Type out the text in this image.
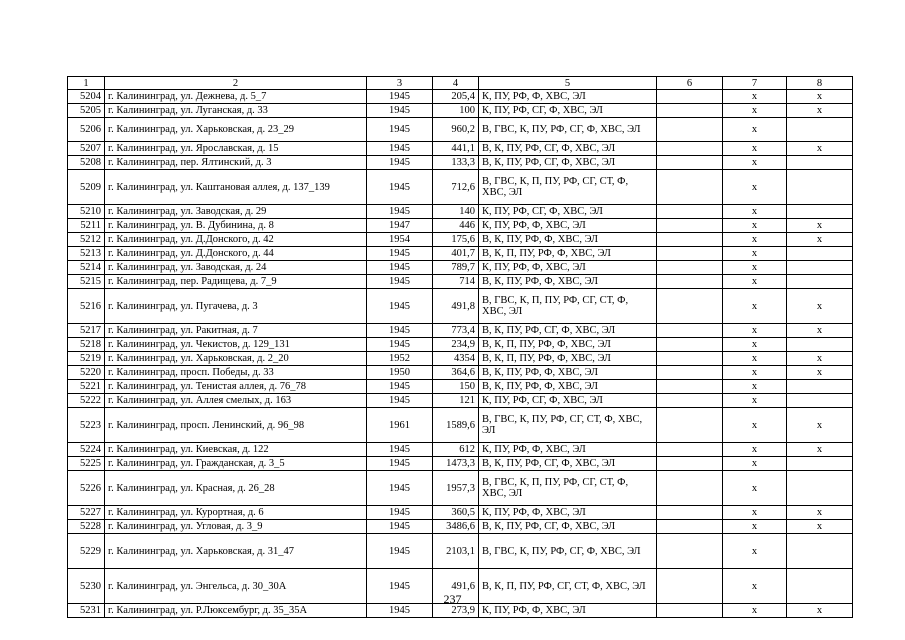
1	2	3	4	5	6	7	8
5204	г. Калининград, ул. Дежнева, д. 5_7	1945	205,4	К, ПУ, РФ, Ф, ХВС, ЭЛ		х	х
5205	г. Калининград, ул. Луганская, д. 33	1945	100	К, ПУ, РФ, СГ, Ф, ХВС, ЭЛ		х	х
5206	г. Калининград, ул. Харьковская, д. 23_29	1945	960,2	В, ГВС, К, ПУ, РФ, СГ, Ф, ХВС, ЭЛ		х	
5207	г. Калининград, ул. Ярославская, д. 15	1945	441,1	В, К, ПУ, РФ, СГ, Ф, ХВС, ЭЛ		х	х
5208	г. Калининград, пер. Ялтинский, д. 3	1945	133,3	В, К, ПУ, РФ, СГ, Ф, ХВС, ЭЛ		х	
5209	г. Калининград, ул. Каштановая аллея, д. 137_139	1945	712,6	В, ГВС, К, П, ПУ, РФ, СГ, СТ, Ф, ХВС, ЭЛ		х	
5210	г. Калининград, ул. Заводская, д. 29	1945	140	К, ПУ, РФ, СГ, Ф, ХВС, ЭЛ		х	
5211	г. Калининград, ул. В. Дубинина, д. 8	1947	446	К, ПУ, РФ, Ф, ХВС, ЭЛ		х	х
5212	г. Калининград, ул. Д.Донского, д. 42	1954	175,6	В, К, ПУ, РФ, Ф, ХВС, ЭЛ		х	х
5213	г. Калининград, ул. Д.Донского, д. 44	1945	401,7	В, К, П, ПУ, РФ, Ф, ХВС, ЭЛ		х	
5214	г. Калининград, ул. Заводская, д. 24	1945	789,7	К, ПУ, РФ, Ф, ХВС, ЭЛ		х	
5215	г. Калининград, пер. Радищева, д. 7_9	1945	714	В, К, ПУ, РФ, Ф, ХВС, ЭЛ		х	
5216	г. Калининград, ул. Пугачева, д. 3	1945	491,8	В, ГВС, К, П, ПУ, РФ, СГ, СТ, Ф, ХВС, ЭЛ		х	х
5217	г. Калининград, ул. Ракитная, д. 7	1945	773,4	В, К, ПУ, РФ, СГ, Ф, ХВС, ЭЛ		х	х
5218	г. Калининград, ул. Чекистов, д. 129_131	1945	234,9	В, К, П, ПУ, РФ, Ф, ХВС, ЭЛ		х	
5219	г. Калининград, ул. Харьковская, д. 2_20	1952	4354	В, К, П, ПУ, РФ, Ф, ХВС, ЭЛ		х	х
5220	г. Калининград, просп. Победы, д. 33	1950	364,6	В, К, ПУ, РФ, Ф, ХВС, ЭЛ		х	х
5221	г. Калининград, ул. Тенистая аллея, д. 76_78	1945	150	В, К, ПУ, РФ, Ф, ХВС, ЭЛ		х	
5222	г. Калининград, ул. Аллея смелых, д. 163	1945	121	К, ПУ, РФ, СГ, Ф, ХВС, ЭЛ		х	
5223	г. Калининград, просп. Ленинский, д. 96_98	1961	1589,6	В, ГВС, К, ПУ, РФ, СГ, СТ, Ф, ХВС, ЭЛ		х	х
5224	г. Калининград, ул. Киевская, д. 122	1945	612	К, ПУ, РФ, Ф, ХВС, ЭЛ		х	х
5225	г. Калининград, ул. Гражданская, д. 3_5	1945	1473,3	В, К, ПУ, РФ, СГ, Ф, ХВС, ЭЛ		х	
5226	г. Калининград, ул. Красная, д. 26_28	1945	1957,3	В, ГВС, К, П, ПУ, РФ, СГ, СТ, Ф, ХВС, ЭЛ		х	
5227	г. Калининград, ул. Курортная, д. 6	1945	360,5	К, ПУ, РФ, Ф, ХВС, ЭЛ		х	х
5228	г. Калининград, ул. Угловая, д. 3_9	1945	3486,6	В, К, ПУ, РФ, СГ, Ф, ХВС, ЭЛ		х	х
5229	г. Калининград, ул. Харьковская, д. 31_47	1945	2103,1	В, ГВС, К, ПУ, РФ, СГ, Ф, ХВС, ЭЛ		х	
5230	г. Калининград, ул. Энгельса, д. 30_30А	1945	491,6	В, К, П, ПУ, РФ, СГ, СТ, Ф, ХВС, ЭЛ		х	
5231	г. Калининград, ул. Р.Люксембург, д. 35_35А	1945	273,9	К, ПУ, РФ, Ф, ХВС, ЭЛ		х	х
237
